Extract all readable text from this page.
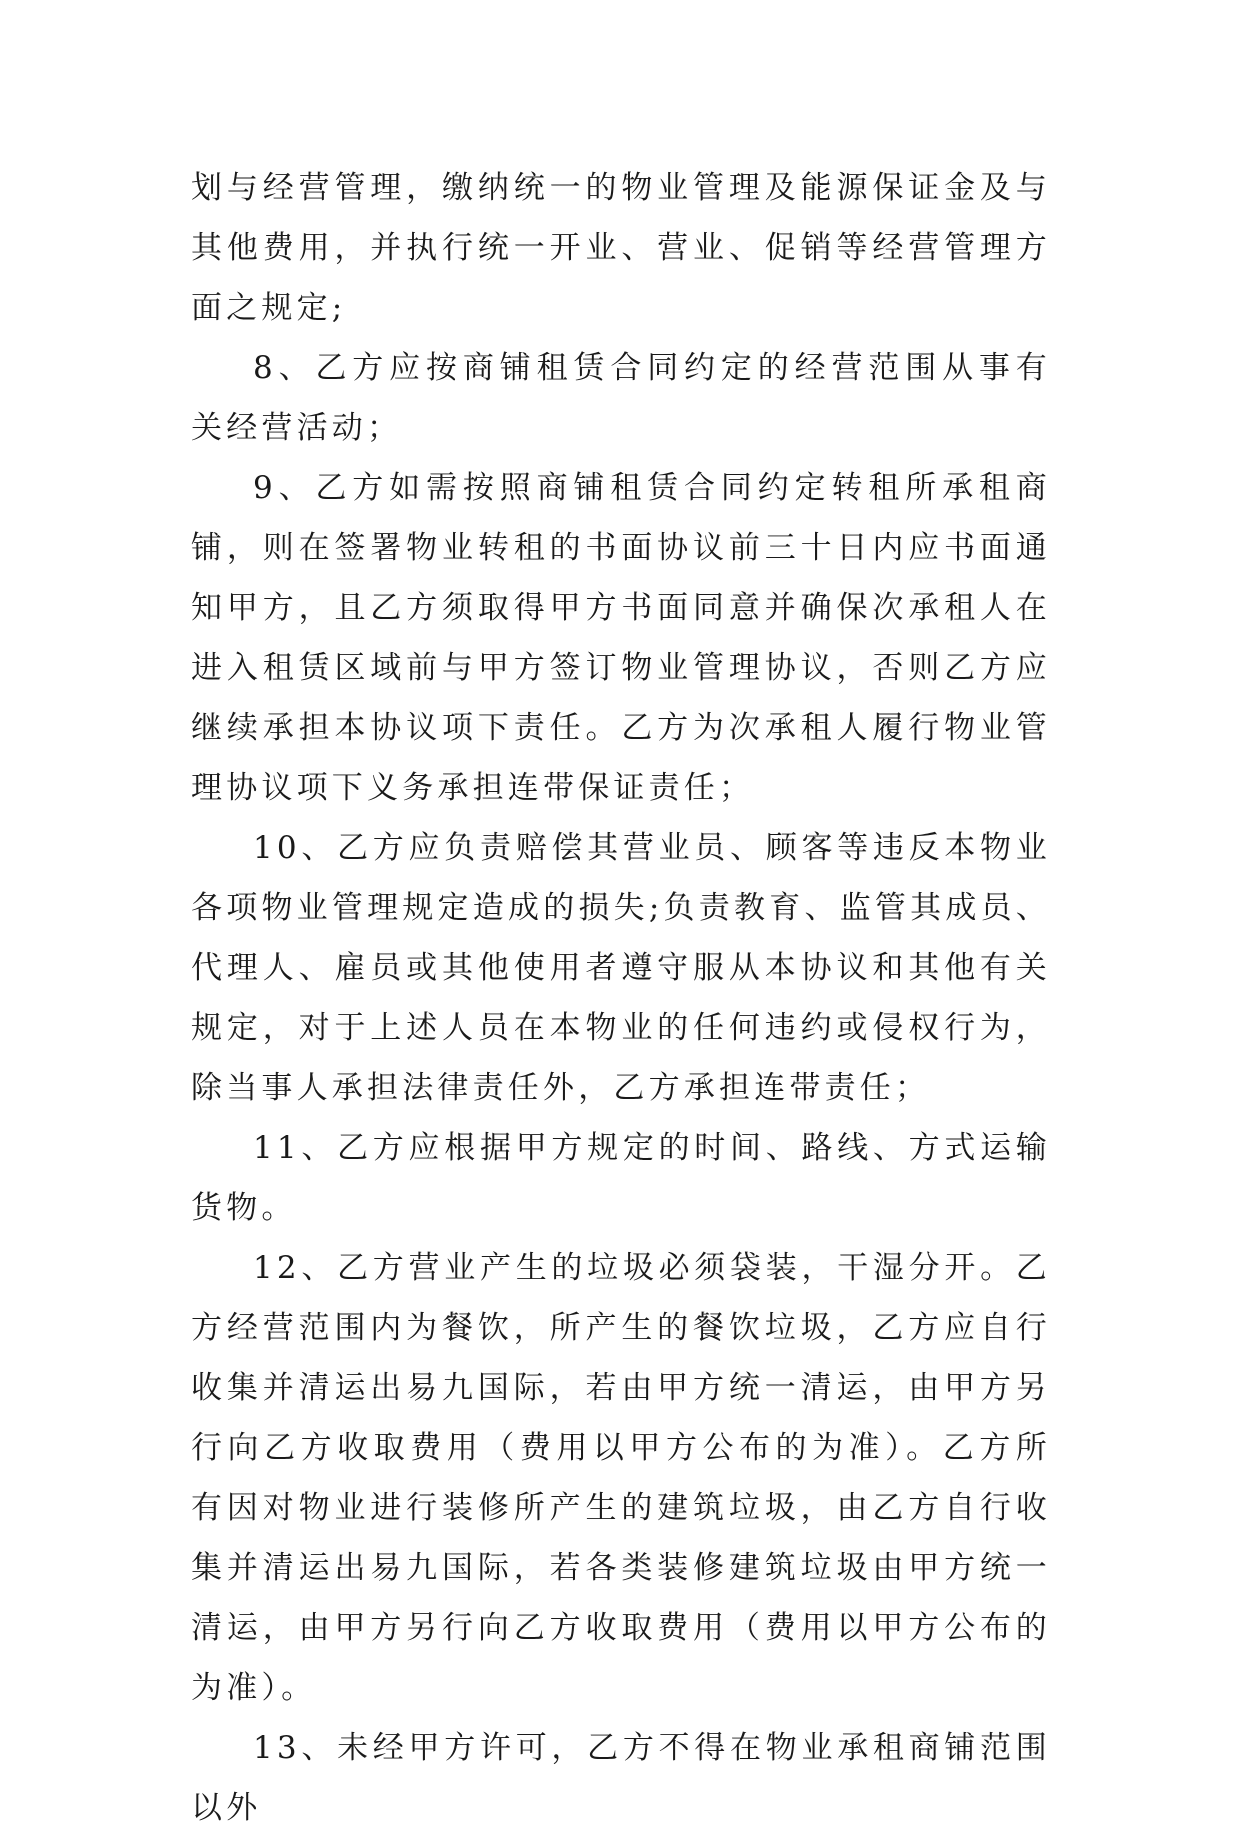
划与经营管理，缴纳统一的物业管理及能源保证金及与其他费用，并执行统一开业、营业、促销等经营管理方面之规定;

8、乙方应按商铺租赁合同约定的经营范围从事有关经营活动；

9、乙方如需按照商铺租赁合同约定转租所承租商铺，则在签署物业转租的书面协议前三十日内应书面通知甲方，且乙方须取得甲方书面同意并确保次承租人在进入租赁区域前与甲方签订物业管理协议，否则乙方应继续承担本协议项下责任。乙方为次承租人履行物业管理协议项下义务承担连带保证责任；

10、乙方应负责赔偿其营业员、顾客等违反本物业各项物业管理规定造成的损失;负责教育、监管其成员、代理人、雇员或其他使用者遵守服从本协议和其他有关规定，对于上述人员在本物业的任何违约或侵权行为，除当事人承担法律责任外，乙方承担连带责任；

11、乙方应根据甲方规定的时间、路线、方式运输货物。

12、乙方营业产生的垃圾必须袋装，干湿分开。乙方经营范围内为餐饮，所产生的餐饮垃圾，乙方应自行收集并清运出易九国际，若由甲方统一清运，由甲方另行向乙方收取费用（费用以甲方公布的为准）。乙方所有因对物业进行装修所产生的建筑垃圾，由乙方自行收集并清运出易九国际，若各类装修建筑垃圾由甲方统一清运，由甲方另行向乙方收取费用（费用以甲方公布的为准）。

13、未经甲方许可，乙方不得在物业承租商铺范围以外
